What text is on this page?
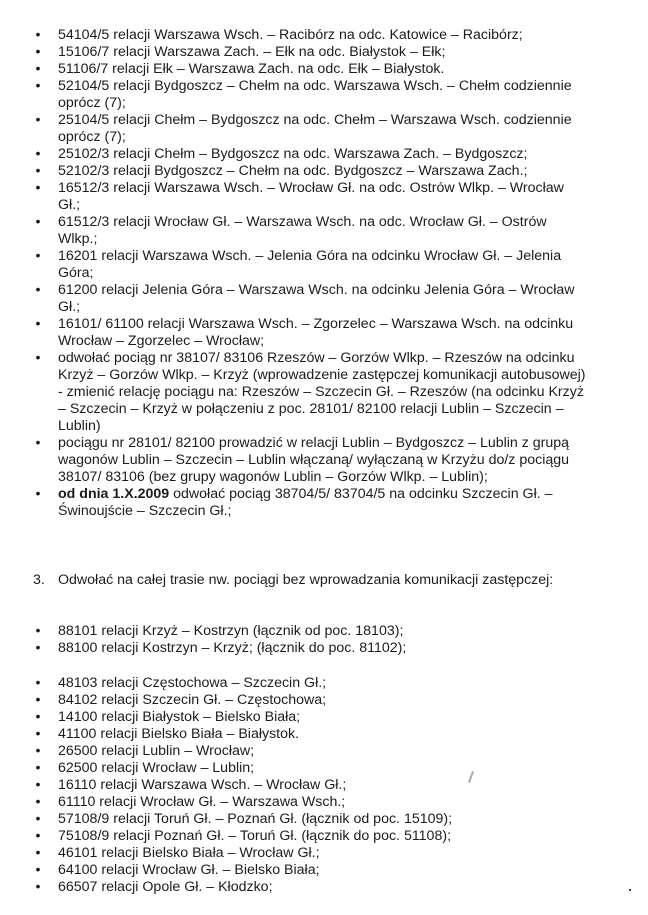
• 54104/5 relacji Warszawa Wsch. – Racibórz na odc. Katowice – Racibórz;
• 15106/7 relacji Warszawa Zach. – Ełk na odc. Białystok – Ełk;
• 51106/7 relacji Ełk – Warszawa Zach. na odc. Ełk – Białystok.
• 52104/5 relacji Bydgoszcz – Chełm na odc. Warszawa Wsch. – Chełm codziennie oprócz (7);
• 25104/5 relacji Chełm – Bydgoszcz na odc. Chełm – Warszawa Wsch. codziennie oprócz (7);
• 25102/3 relacji Chełm – Bydgoszcz na odc. Warszawa Zach. – Bydgoszcz;
• 52102/3 relacji Bydgoszcz – Chełm na odc. Bydgoszcz – Warszawa Zach.;
• 16512/3 relacji Warszawa Wsch. – Wrocław Gł. na odc. Ostrów Wlkp. – Wrocław Gł.;
• 61512/3 relacji Wrocław Gł. – Warszawa Wsch. na odc. Wrocław Gł. – Ostrów Wlkp.;
• 16201 relacji Warszawa Wsch. – Jelenia Góra na odcinku Wrocław Gł. – Jelenia Góra;
• 61200 relacji Jelenia Góra – Warszawa Wsch. na odcinku Jelenia Góra – Wrocław Gł.;
• 16101/ 61100 relacji Warszawa Wsch. – Zgorzelec – Warszawa Wsch. na odcinku Wrocław – Zgorzelec – Wrocław;
• odwołać pociąg nr 38107/ 83106 Rzeszów – Gorzów Wlkp. – Rzeszów na odcinku Krzyż – Gorzów Wlkp. – Krzyż (wprowadzenie zastępczej komunikacji autobusowej) - zmienić relację pociągu na: Rzeszów – Szczecin Gł. – Rzeszów (na odcinku Krzyż – Szczecin – Krzyż w połączeniu z poc. 28101/ 82100 relacji Lublin – Szczecin – Lublin)
• pociągu nr 28101/ 82100 prowadzić w relacji Lublin – Bydgoszcz – Lublin z grupą wagonów Lublin – Szczecin – Lublin włączaną/ wyłączaną w Krzyżu do/z pociągu 38107/ 83106 (bez grupy wagonów Lublin – Gorzów Wlkp. – Lublin);
• od dnia 1.X.2009 odwołać pociąg 38704/5/ 83704/5 na odcinku Szczecin Gł. – Świnoujście – Szczecin Gł.;
3. Odwołać na całej trasie nw. pociągi bez wprowadzania komunikacji zastępczej:
• 88101 relacji Krzyż – Kostrzyn (łącznik od poc. 18103);
• 88100 relacji Kostrzyn – Krzyż; (łącznik do poc. 81102);
• 48103 relacji Częstochowa – Szczecin Gł.;
• 84102 relacji Szczecin Gł. – Częstochowa;
• 14100 relacji Białystok – Bielsko Biała;
• 41100 relacji Bielsko Biała – Białystok.
• 26500 relacji Lublin – Wrocław;
• 62500 relacji Wrocław – Lublin;
• 16110 relacji Warszawa Wsch. – Wrocław Gł.;
• 61110 relacji Wrocław Gł. – Warszawa Wsch.;
• 57108/9 relacji Toruń Gł. – Poznań Gł. (łącznik od poc. 15109);
• 75108/9 relacji Poznań Gł. – Toruń Gł. (łącznik do poc. 51108);
• 46101 relacji Bielsko Biała – Wrocław Gł.;
• 64100 relacji Wrocław Gł. – Bielsko Biała;
• 66507 relacji Opole Gł. – Kłodzko;
